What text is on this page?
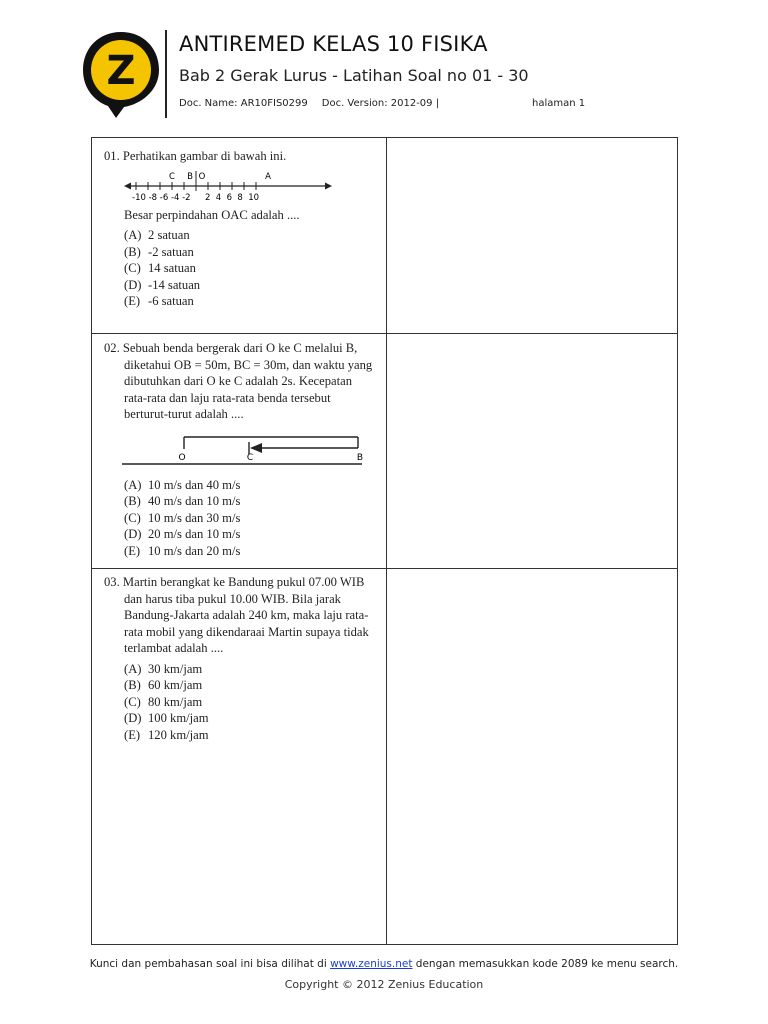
Z
ANTIREMED KELAS 10 FISIKA
Bab 2 Gerak Lurus - Latihan Soal no 01 - 30
Doc. Name: AR10FIS0299 Doc. Version: 2012-09 |	halaman 1
01. Perhatikan gambar di bawah ini.
C B O	A
-10 -8 -6 -4 -2 2  4  6  8  10
Besar perpindahan OAC adalah ....
(A) 2 satuan
(B) -2 satuan
(C) 14 satuan
(D) -14 satuan
(E) -6 satuan
02. Sebuah benda bergerak dari O ke C melalui B, diketahui OB = 50m, BC = 30m, dan waktu yang dibutuhkan dari O ke C adalah 2s. Kecepatan rata-rata dan laju rata-rata benda tersebut berturut-turut adalah ....
O	C	B
(A) 10 m/s dan 40 m/s
(B) 40 m/s dan 10 m/s
(C) 10 m/s dan 30 m/s
(D) 20 m/s dan 10 m/s
(E) 10 m/s dan 20 m/s
03. Martin berangkat ke Bandung pukul 07.00 WIB dan harus tiba pukul 10.00 WIB. Bila jarak Bandung-Jakarta adalah 240 km, maka laju rata-rata mobil yang dikendaraai Martin supaya tidak terlambat adalah ....
(A) 30 km/jam
(B) 60 km/jam
(C) 80 km/jam
(D) 100 km/jam
(E) 120 km/jam
Kunci dan pembahasan soal ini bisa dilihat di www.zenius.net dengan memasukkan kode 2089 ke menu search.
Copyright © 2012 Zenius Education
